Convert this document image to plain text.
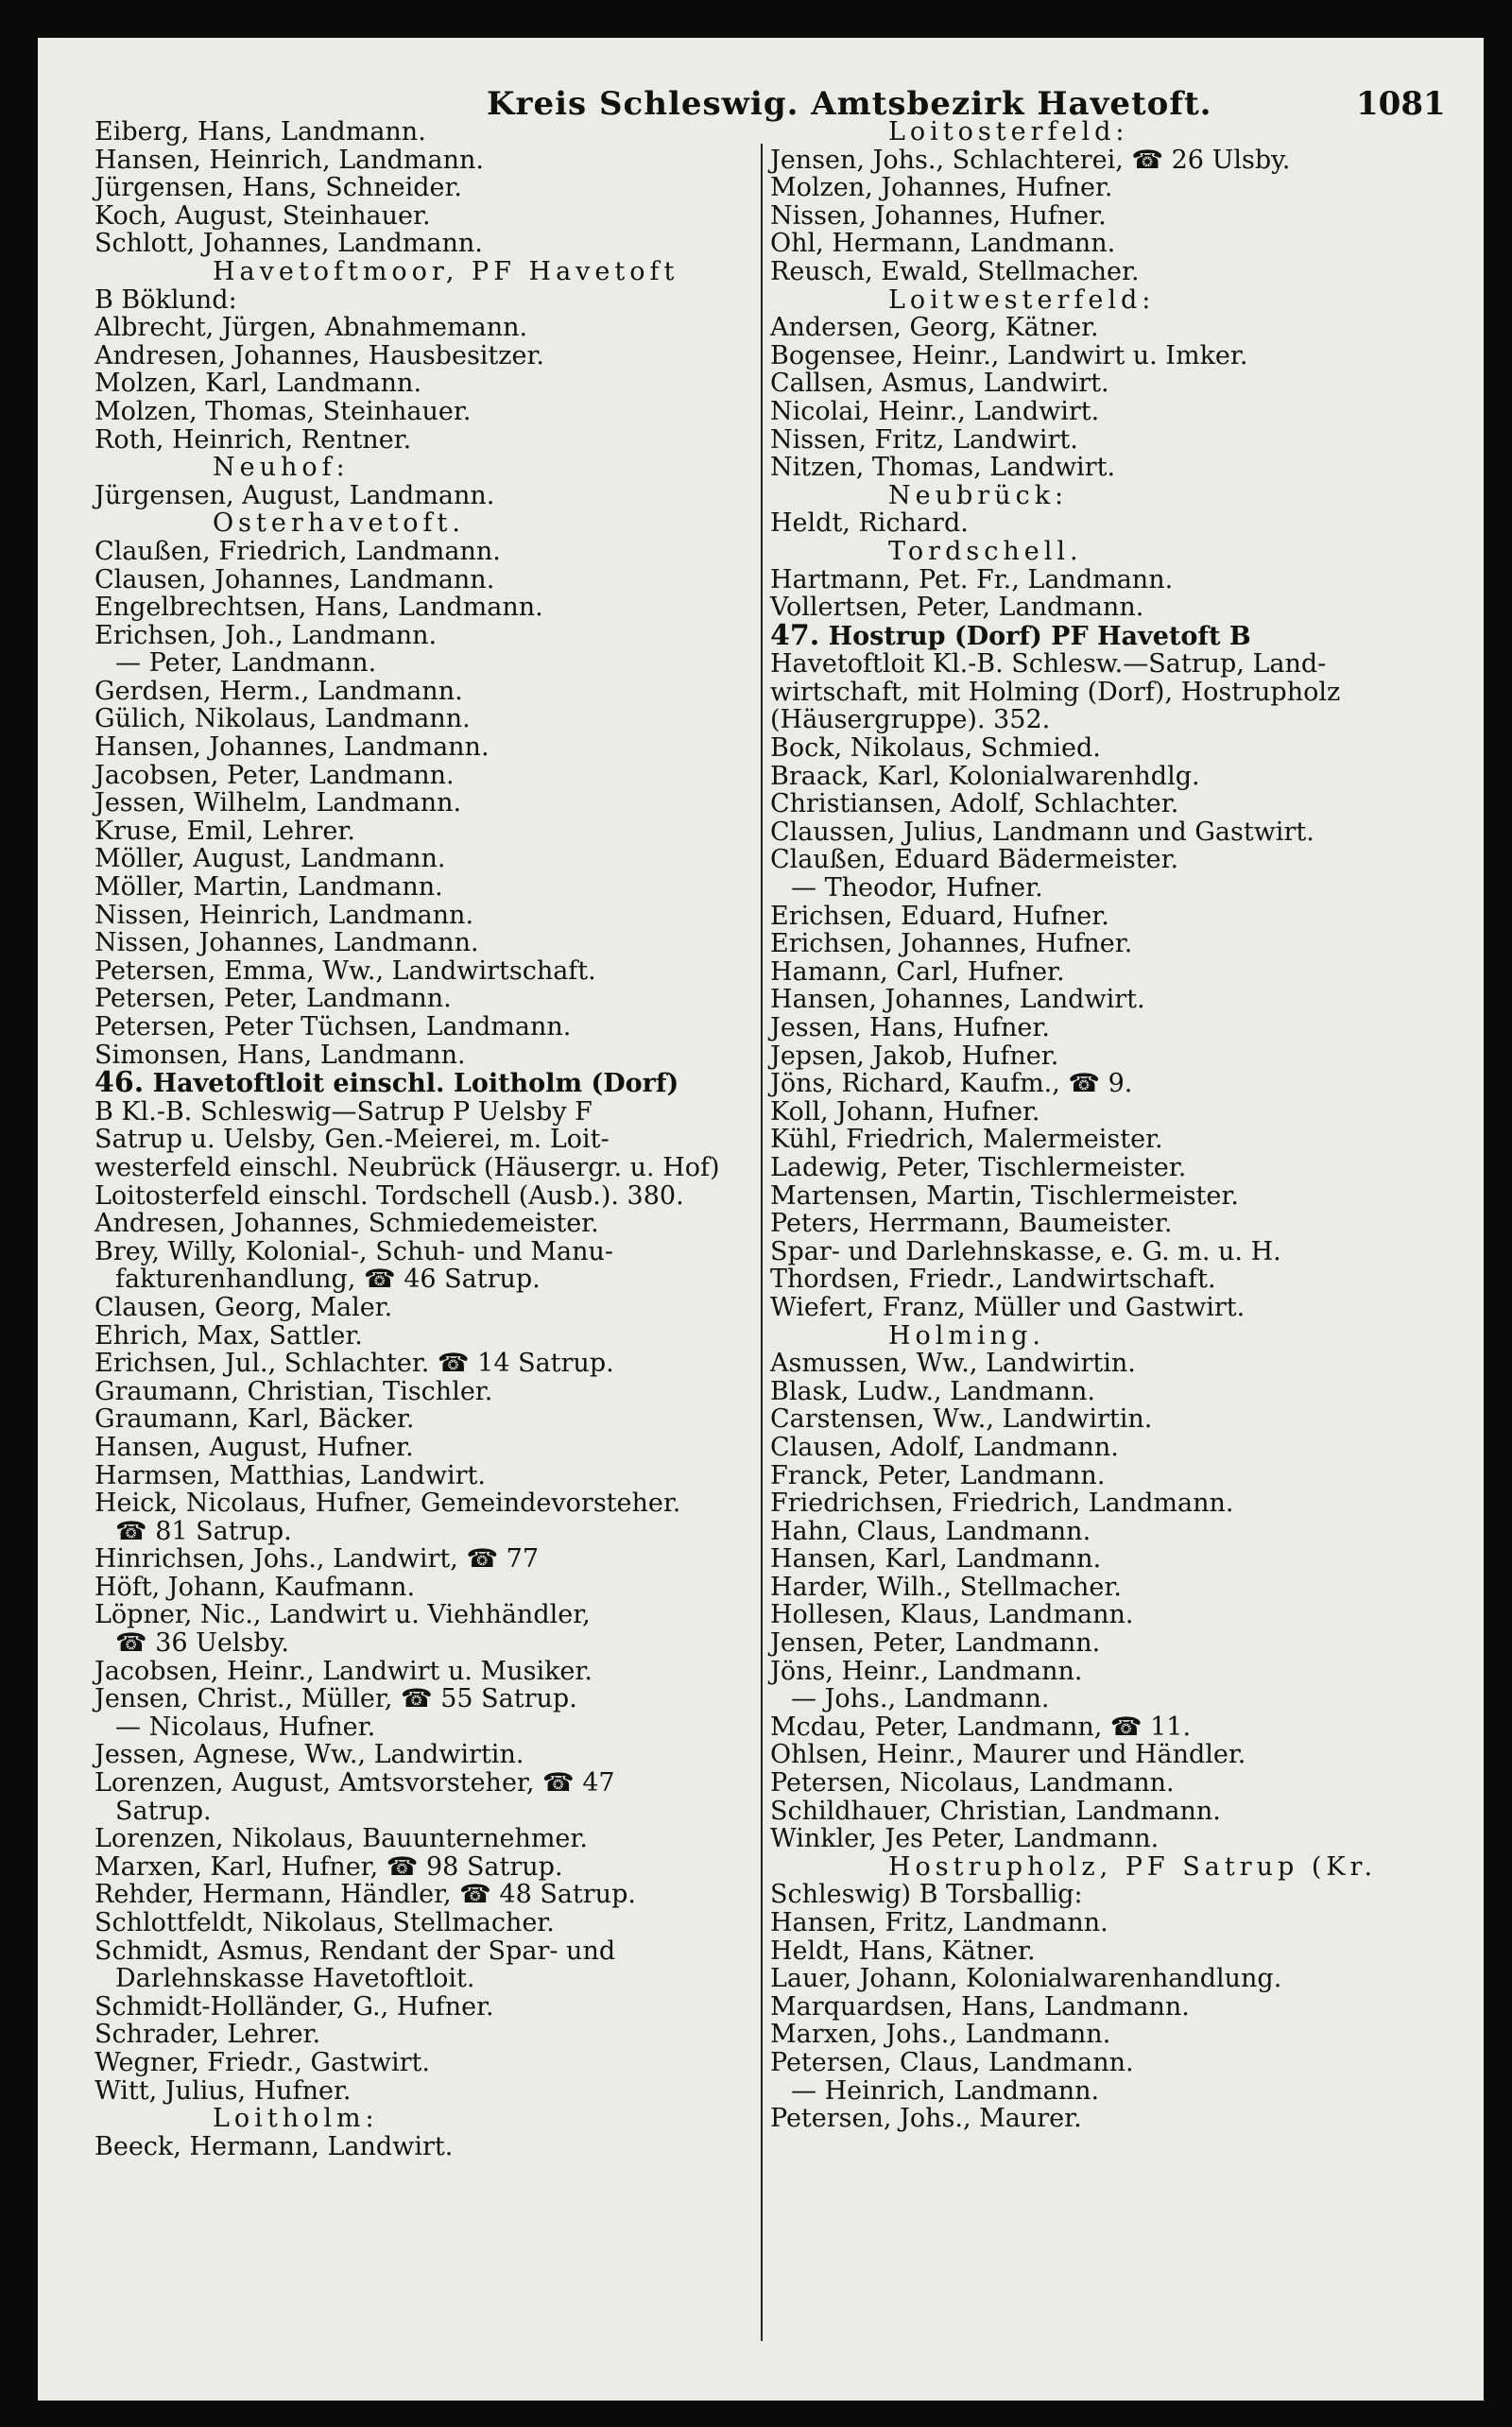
Kreis Schleswig. Amtsbezirk Havetoft.	1081
Eiberg, Hans, Landmann.
Hansen, Heinrich, Landmann.
Jürgensen, Hans, Schneider.
Koch, August, Steinhauer.
Schlott, Johannes, Landmann.
Havetoftmoor, PF Havetoft
B Böklund:
Albrecht, Jürgen, Abnahmemann.
Andresen, Johannes, Hausbesitzer.
Molzen, Karl, Landmann.
Molzen, Thomas, Steinhauer.
Roth, Heinrich, Rentner.
Neuhof:
Jürgensen, August, Landmann.
Osterhavetoft.
Claußen, Friedrich, Landmann.
Clausen, Johannes, Landmann.
Engelbrechtsen, Hans, Landmann.
Erichsen, Joh., Landmann.
— Peter, Landmann.
Gerdsen, Herm., Landmann.
Gülich, Nikolaus, Landmann.
Hansen, Johannes, Landmann.
Jacobsen, Peter, Landmann.
Jessen, Wilhelm, Landmann.
Kruse, Emil, Lehrer.
Möller, August, Landmann.
Möller, Martin, Landmann.
Nissen, Heinrich, Landmann.
Nissen, Johannes, Landmann.
Petersen, Emma, Ww., Landwirtschaft.
Petersen, Peter, Landmann.
Petersen, Peter Tüchsen, Landmann.
Simonsen, Hans, Landmann.
46. Havetoftloit einschl. Loitholm (Dorf)
B Kl.-B. Schleswig—Satrup P Uelsby F
Satrup u. Uelsby, Gen.-Meierei, m. Loit-
westerfeld einschl. Neubrück (Häusergr. u. Hof)
Loitosterfeld einschl. Tordschell (Ausb.). 380.
Andresen, Johannes, Schmiedemeister.
Brey, Willy, Kolonial-, Schuh- und Manu-
fakturenhandlung, ☎ 46 Satrup.
Clausen, Georg, Maler.
Ehrich, Max, Sattler.
Erichsen, Jul., Schlachter. ☎ 14 Satrup.
Graumann, Christian, Tischler.
Graumann, Karl, Bäcker.
Hansen, August, Hufner.
Harmsen, Matthias, Landwirt.
Heick, Nicolaus, Hufner, Gemeindevorsteher.
☎ 81 Satrup.
Hinrichsen, Johs., Landwirt, ☎ 77
Höft, Johann, Kaufmann.
Löpner, Nic., Landwirt u. Viehhändler,
☎ 36 Uelsby.
Jacobsen, Heinr., Landwirt u. Musiker.
Jensen, Christ., Müller, ☎ 55 Satrup.
— Nicolaus, Hufner.
Jessen, Agnese, Ww., Landwirtin.
Lorenzen, August, Amtsvorsteher, ☎ 47
Satrup.
Lorenzen, Nikolaus, Bauunternehmer.
Marxen, Karl, Hufner, ☎ 98 Satrup.
Rehder, Hermann, Händler, ☎ 48 Satrup.
Schlottfeldt, Nikolaus, Stellmacher.
Schmidt, Asmus, Rendant der Spar- und
Darlehnskasse Havetoftloit.
Schmidt-Holländer, G., Hufner.
Schrader, Lehrer.
Wegner, Friedr., Gastwirt.
Witt, Julius, Hufner.
Loitholm:
Beeck, Hermann, Landwirt.
Loitosterfeld:
Jensen, Johs., Schlachterei, ☎ 26 Ulsby.
Molzen, Johannes, Hufner.
Nissen, Johannes, Hufner.
Ohl, Hermann, Landmann.
Reusch, Ewald, Stellmacher.
Loitwesterfeld:
Andersen, Georg, Kätner.
Bogensee, Heinr., Landwirt u. Imker.
Callsen, Asmus, Landwirt.
Nicolai, Heinr., Landwirt.
Nissen, Fritz, Landwirt.
Nitzen, Thomas, Landwirt.
Neubrück:
Heldt, Richard.
Tordschell.
Hartmann, Pet. Fr., Landmann.
Vollertsen, Peter, Landmann.
47. Hostrup (Dorf) PF Havetoft B
Havetoftloit Kl.-B. Schlesw.—Satrup, Land-
wirtschaft, mit Holming (Dorf), Hostrupholz
(Häusergruppe). 352.
Bock, Nikolaus, Schmied.
Braack, Karl, Kolonialwarenhdlg.
Christiansen, Adolf, Schlachter.
Claussen, Julius, Landmann und Gastwirt.
Claußen, Eduard Bädermeister.
— Theodor, Hufner.
Erichsen, Eduard, Hufner.
Erichsen, Johannes, Hufner.
Hamann, Carl, Hufner.
Hansen, Johannes, Landwirt.
Jessen, Hans, Hufner.
Jepsen, Jakob, Hufner.
Jöns, Richard, Kaufm., ☎ 9.
Koll, Johann, Hufner.
Kühl, Friedrich, Malermeister.
Ladewig, Peter, Tischlermeister.
Martensen, Martin, Tischlermeister.
Peters, Herrmann, Baumeister.
Spar- und Darlehnskasse, e. G. m. u. H.
Thordsen, Friedr., Landwirtschaft.
Wiefert, Franz, Müller und Gastwirt.
Holming.
Asmussen, Ww., Landwirtin.
Blask, Ludw., Landmann.
Carstensen, Ww., Landwirtin.
Clausen, Adolf, Landmann.
Franck, Peter, Landmann.
Friedrichsen, Friedrich, Landmann.
Hahn, Claus, Landmann.
Hansen, Karl, Landmann.
Harder, Wilh., Stellmacher.
Hollesen, Klaus, Landmann.
Jensen, Peter, Landmann.
Jöns, Heinr., Landmann.
— Johs., Landmann.
Mcdau, Peter, Landmann, ☎ 11.
Ohlsen, Heinr., Maurer und Händler.
Petersen, Nicolaus, Landmann.
Schildhauer, Christian, Landmann.
Winkler, Jes Peter, Landmann.
Hostrupholz, PF Satrup (Kr.
Schleswig) B Torsballig:
Hansen, Fritz, Landmann.
Heldt, Hans, Kätner.
Lauer, Johann, Kolonialwarenhandlung.
Marquardsen, Hans, Landmann.
Marxen, Johs., Landmann.
Petersen, Claus, Landmann.
— Heinrich, Landmann.
Petersen, Johs., Maurer.
